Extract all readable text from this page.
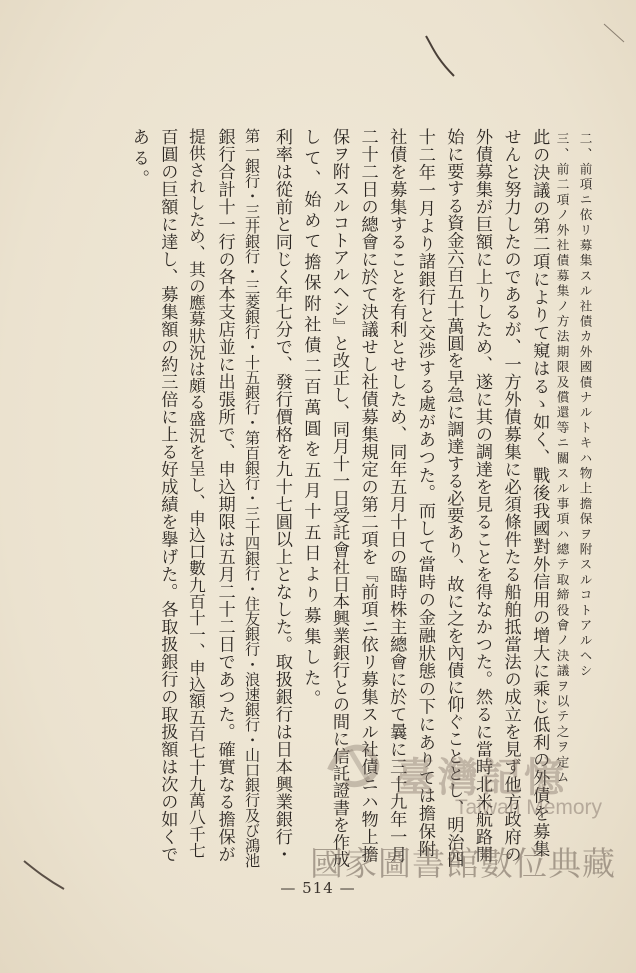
二、前項ニ依リ募集スル社債カ外國債ナルトキハ物上擔保ヲ附スルコトアルヘシ
三、前二項ノ外社債募集ノ方法期限及償還等ニ關スル事項ハ總テ取締役會ノ決議ヲ以テ之ヲ定ム
此の決議の第二項によりて窺はるゝ如く、戰後我國對外信用の增大に乘じ低利の外債を募集
せんと努力したのであるが、一方外債募集に必須條件たる船舶抵當法の成立を見ず他方政府の
外債募集が巨額に上りしため、遂に其の調達を見ることを得なかつた。然るに當時北米航路開
始に要する資金六百五十萬圓を早急に調達する必要あり、故に之を內債に仰ぐこととし、明治四
十二年一月より諸銀行と交渉する處があつた。而して當時の金融狀態の下にありては擔保附
社債を募集することを有利とせしため、同年五月十日の臨時株主總會に於て曩に三十九年一月
二十二日の總會に於て決議せし社債募集規定の第二項を『前項ニ依リ募集スル社債ニハ物上擔
保ヲ附スルコトアルヘシ』と改正し、同月十一日受託會社日本興業銀行との間に信託證書を作成
して、始めて擔保附社債二百萬圓を五月十五日より募集した。
利率は從前と同じく年七分で、發行價格を九十七圓以上となした。取扱銀行は日本興業銀行・
第一銀行・三井銀行・三菱銀行・十五銀行・第百銀行・三十四銀行・住友銀行・浪速銀行・山口銀行及び鴻池
銀行合計十一行の各本支店並に出張所で、申込期限は五月二十二日であつた。確實なる擔保が
提供されしため、其の應募狀況は頗る盛況を呈し、申込口數九百十一、申込額五百七十九萬八千七
百圓の巨額に達し、募集額の約三倍に上る好成績を擧げた。各取扱銀行の取扱額は次の如くで
ある。
— 514 —
臺灣記憶
Taiwan Memory
國家圖書館數位典藏
